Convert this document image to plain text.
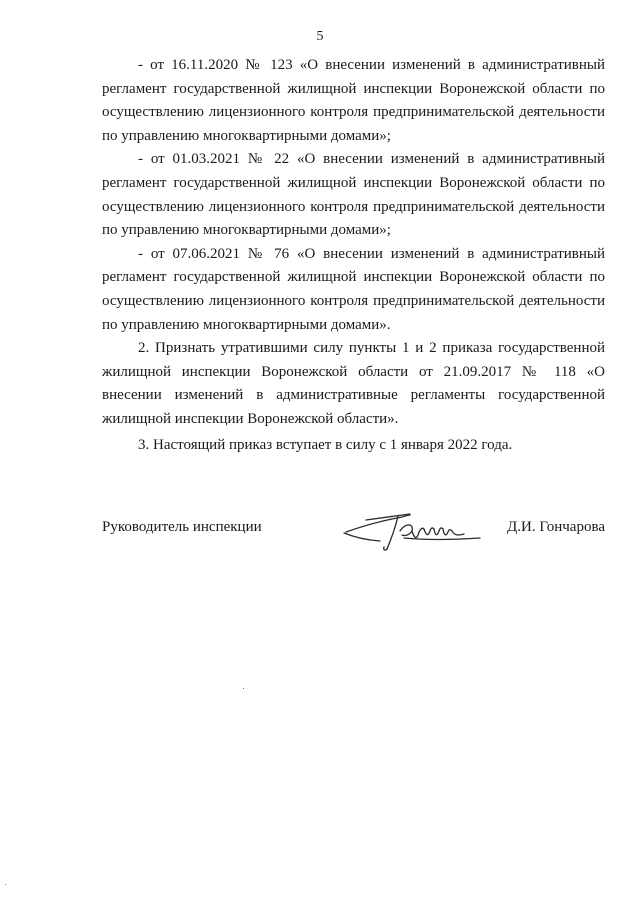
5

- от 16.11.2020 № 123 «О внесении изменений в административный регламент государственной жилищной инспекции Воронежской области по осуществлению лицензионного контроля предпринимательской деятельности по управлению многоквартирными домами»;

- от 01.03.2021 № 22 «О внесении изменений в административный регламент государственной жилищной инспекции Воронежской области по осуществлению лицензионного контроля предпринимательской деятельности по управлению многоквартирными домами»;

- от 07.06.2021 № 76 «О внесении изменений в административный регламент государственной жилищной инспекции Воронежской области по осуществлению лицензионного контроля предпринимательской деятельности по управлению многоквартирными домами».

2. Признать утратившими силу пункты 1 и 2 приказа государственной жилищной инспекции Воронежской области от 21.09.2017 № 118 «О внесении изменений в административные регламенты государственной жилищной инспекции Воронежской области».

3. Настоящий приказ вступает в силу с 1 января 2022 года.

Руководитель инспекции	Д.И. Гончарова
